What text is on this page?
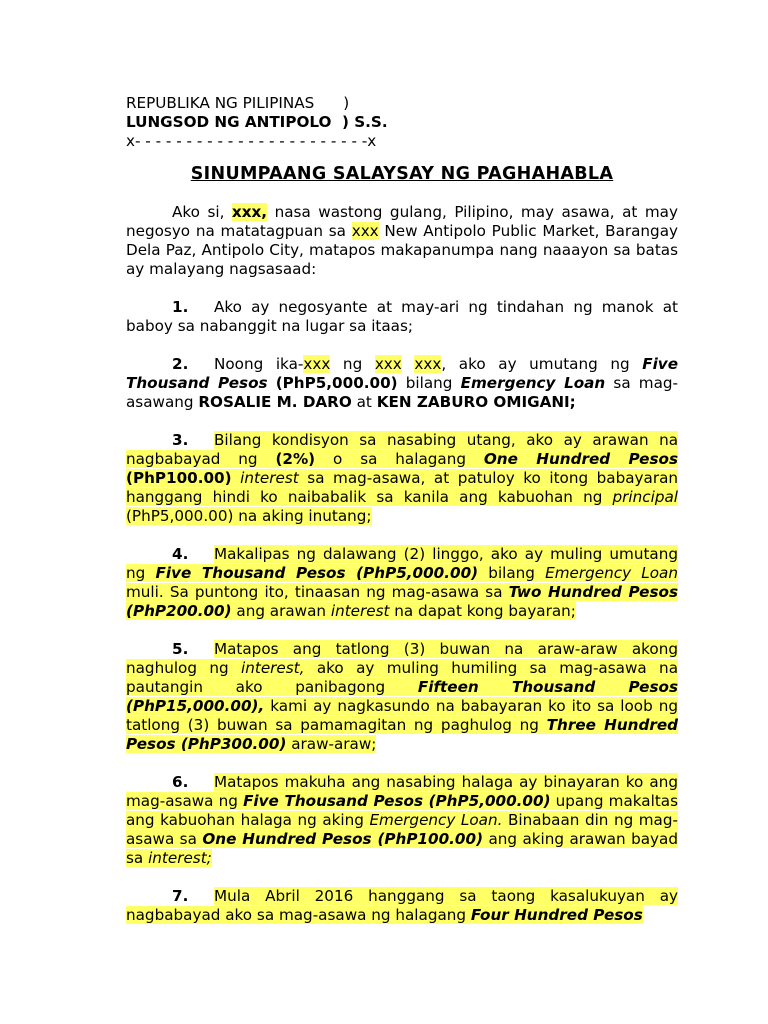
REPUBLIKA NG PILIPINAS      )
LUNGSOD NG ANTIPOLO  ) S.S.
x- - - - - - - - - - - - - - - - - - - - - - -x
SINUMPAANG SALAYSAY NG PAGHAHABLA

Ako si, xxx, nasa wastong gulang, Pilipino, may asawa, at may negosyo na matatagpuan sa xxx New Antipolo Public Market, Barangay Dela Paz, Antipolo City, matapos makapanumpa nang naaayon sa batas ay malayang nagsasaad:

1. Ako ay negosyante at may-ari ng tindahan ng manok at baboy sa nabanggit na lugar sa itaas;

2. Noong ika-xxx ng xxx xxx, ako ay umutang ng Five Thousand Pesos (PhP5,000.00) bilang Emergency Loan sa mag-asawang ROSALIE M. DARO at KEN ZABURO OMIGANI;

3. Bilang kondisyon sa nasabing utang, ako ay arawan na nagbabayad ng (2%) o sa halagang One Hundred Pesos (PhP100.00) interest sa mag-asawa, at patuloy ko itong babayaran hanggang hindi ko naibabalik sa kanila ang kabuohan ng principal (PhP5,000.00) na aking inutang;

4. Makalipas ng dalawang (2) linggo, ako ay muling umutang ng Five Thousand Pesos (PhP5,000.00) bilang Emergency Loan muli. Sa puntong ito, tinaasan ng mag-asawa sa Two Hundred Pesos (PhP200.00) ang arawan interest na dapat kong bayaran;

5. Matapos ang tatlong (3) buwan na araw-araw akong naghulog ng interest, ako ay muling humiling sa mag-asawa na pautangin ako panibagong Fifteen Thousand Pesos (PhP15,000.00), kami ay nagkasundo na babayaran ko ito sa loob ng tatlong (3) buwan sa pamamagitan ng paghulog ng Three Hundred Pesos (PhP300.00) araw-araw;

6. Matapos makuha ang nasabing halaga ay binayaran ko ang mag-asawa ng Five Thousand Pesos (PhP5,000.00) upang makaltas ang kabuohan halaga ng aking Emergency Loan. Binabaan din ng mag-asawa sa One Hundred Pesos (PhP100.00) ang aking arawan bayad sa interest;

7. Mula Abril 2016 hanggang sa taong kasalukuyan ay nagbabayad ako sa mag-asawa ng halagang Four Hundred Pesos
